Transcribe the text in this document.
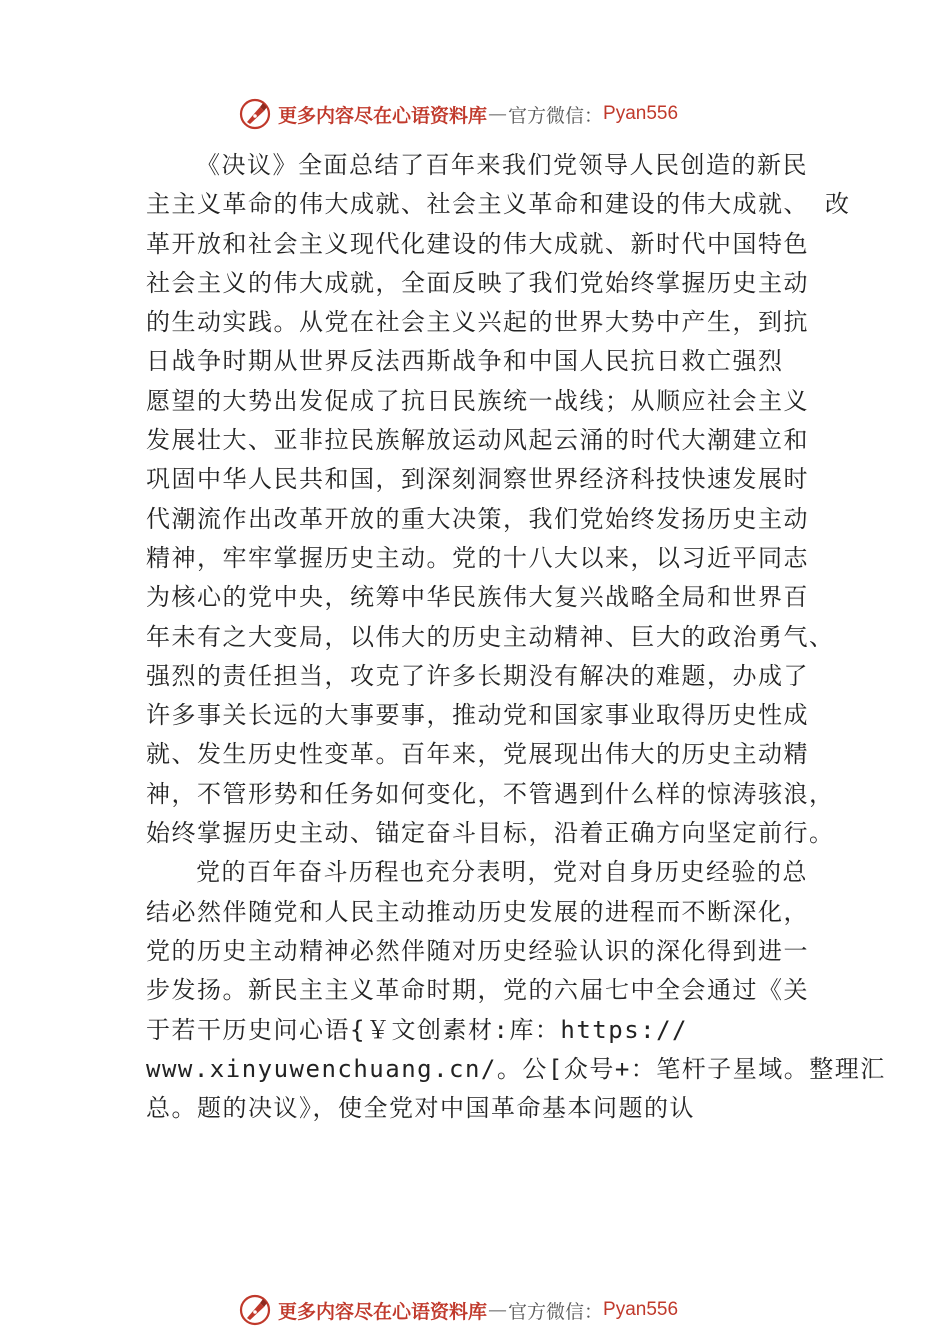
更多内容尽在心语资料库 — 官方微信： Pyan556
《决议》全面总结了百年来我们党领导人民创造的新民
主主义革命的伟大成就、社会主义革命和建设的伟大成就、 改
革开放和社会主义现代化建设的伟大成就、新时代中国特色
社会主义的伟大成就，全面反映了我们党始终掌握历史主动
的生动实践。从党在社会主义兴起的世界大势中产生，到抗
日战争时期从世界反法西斯战争和中国人民抗日救亡强烈
愿望的大势出发促成了抗日民族统一战线；从顺应社会主义
发展壮大、亚非拉民族解放运动风起云涌的时代大潮建立和
巩固中华人民共和国，到深刻洞察世界经济科技快速发展时
代潮流作出改革开放的重大决策，我们党始终发扬历史主动
精神，牢牢掌握历史主动。党的十八大以来，以习近平同志
为核心的党中央，统筹中华民族伟大复兴战略全局和世界百
年未有之大变局，以伟大的历史主动精神、巨大的政治勇气、
强烈的责任担当，攻克了许多长期没有解决的难题，办成了
许多事关长远的大事要事，推动党和国家事业取得历史性成
就、发生历史性变革。百年来，党展现出伟大的历史主动精
神，不管形势和任务如何变化，不管遇到什么样的惊涛骇浪，
始终掌握历史主动、锚定奋斗目标，沿着正确方向坚定前行。
党的百年奋斗历程也充分表明，党对自身历史经验的总
结必然伴随党和人民主动推动历史发展的进程而不断深化，
党的历史主动精神必然伴随对历史经验认识的深化得到进一
步发扬。新民主主义革命时期，党的六届七中全会通过《关
于若干历史问心语{￥文创素材:库：https://
www.xinyuwenchuang.cn/。公[众号+：笔杆子星域。整理汇
总。题的决议》，使全党对中国革命基本问题的认
更多内容尽在心语资料库 — 官方微信： Pyan556
